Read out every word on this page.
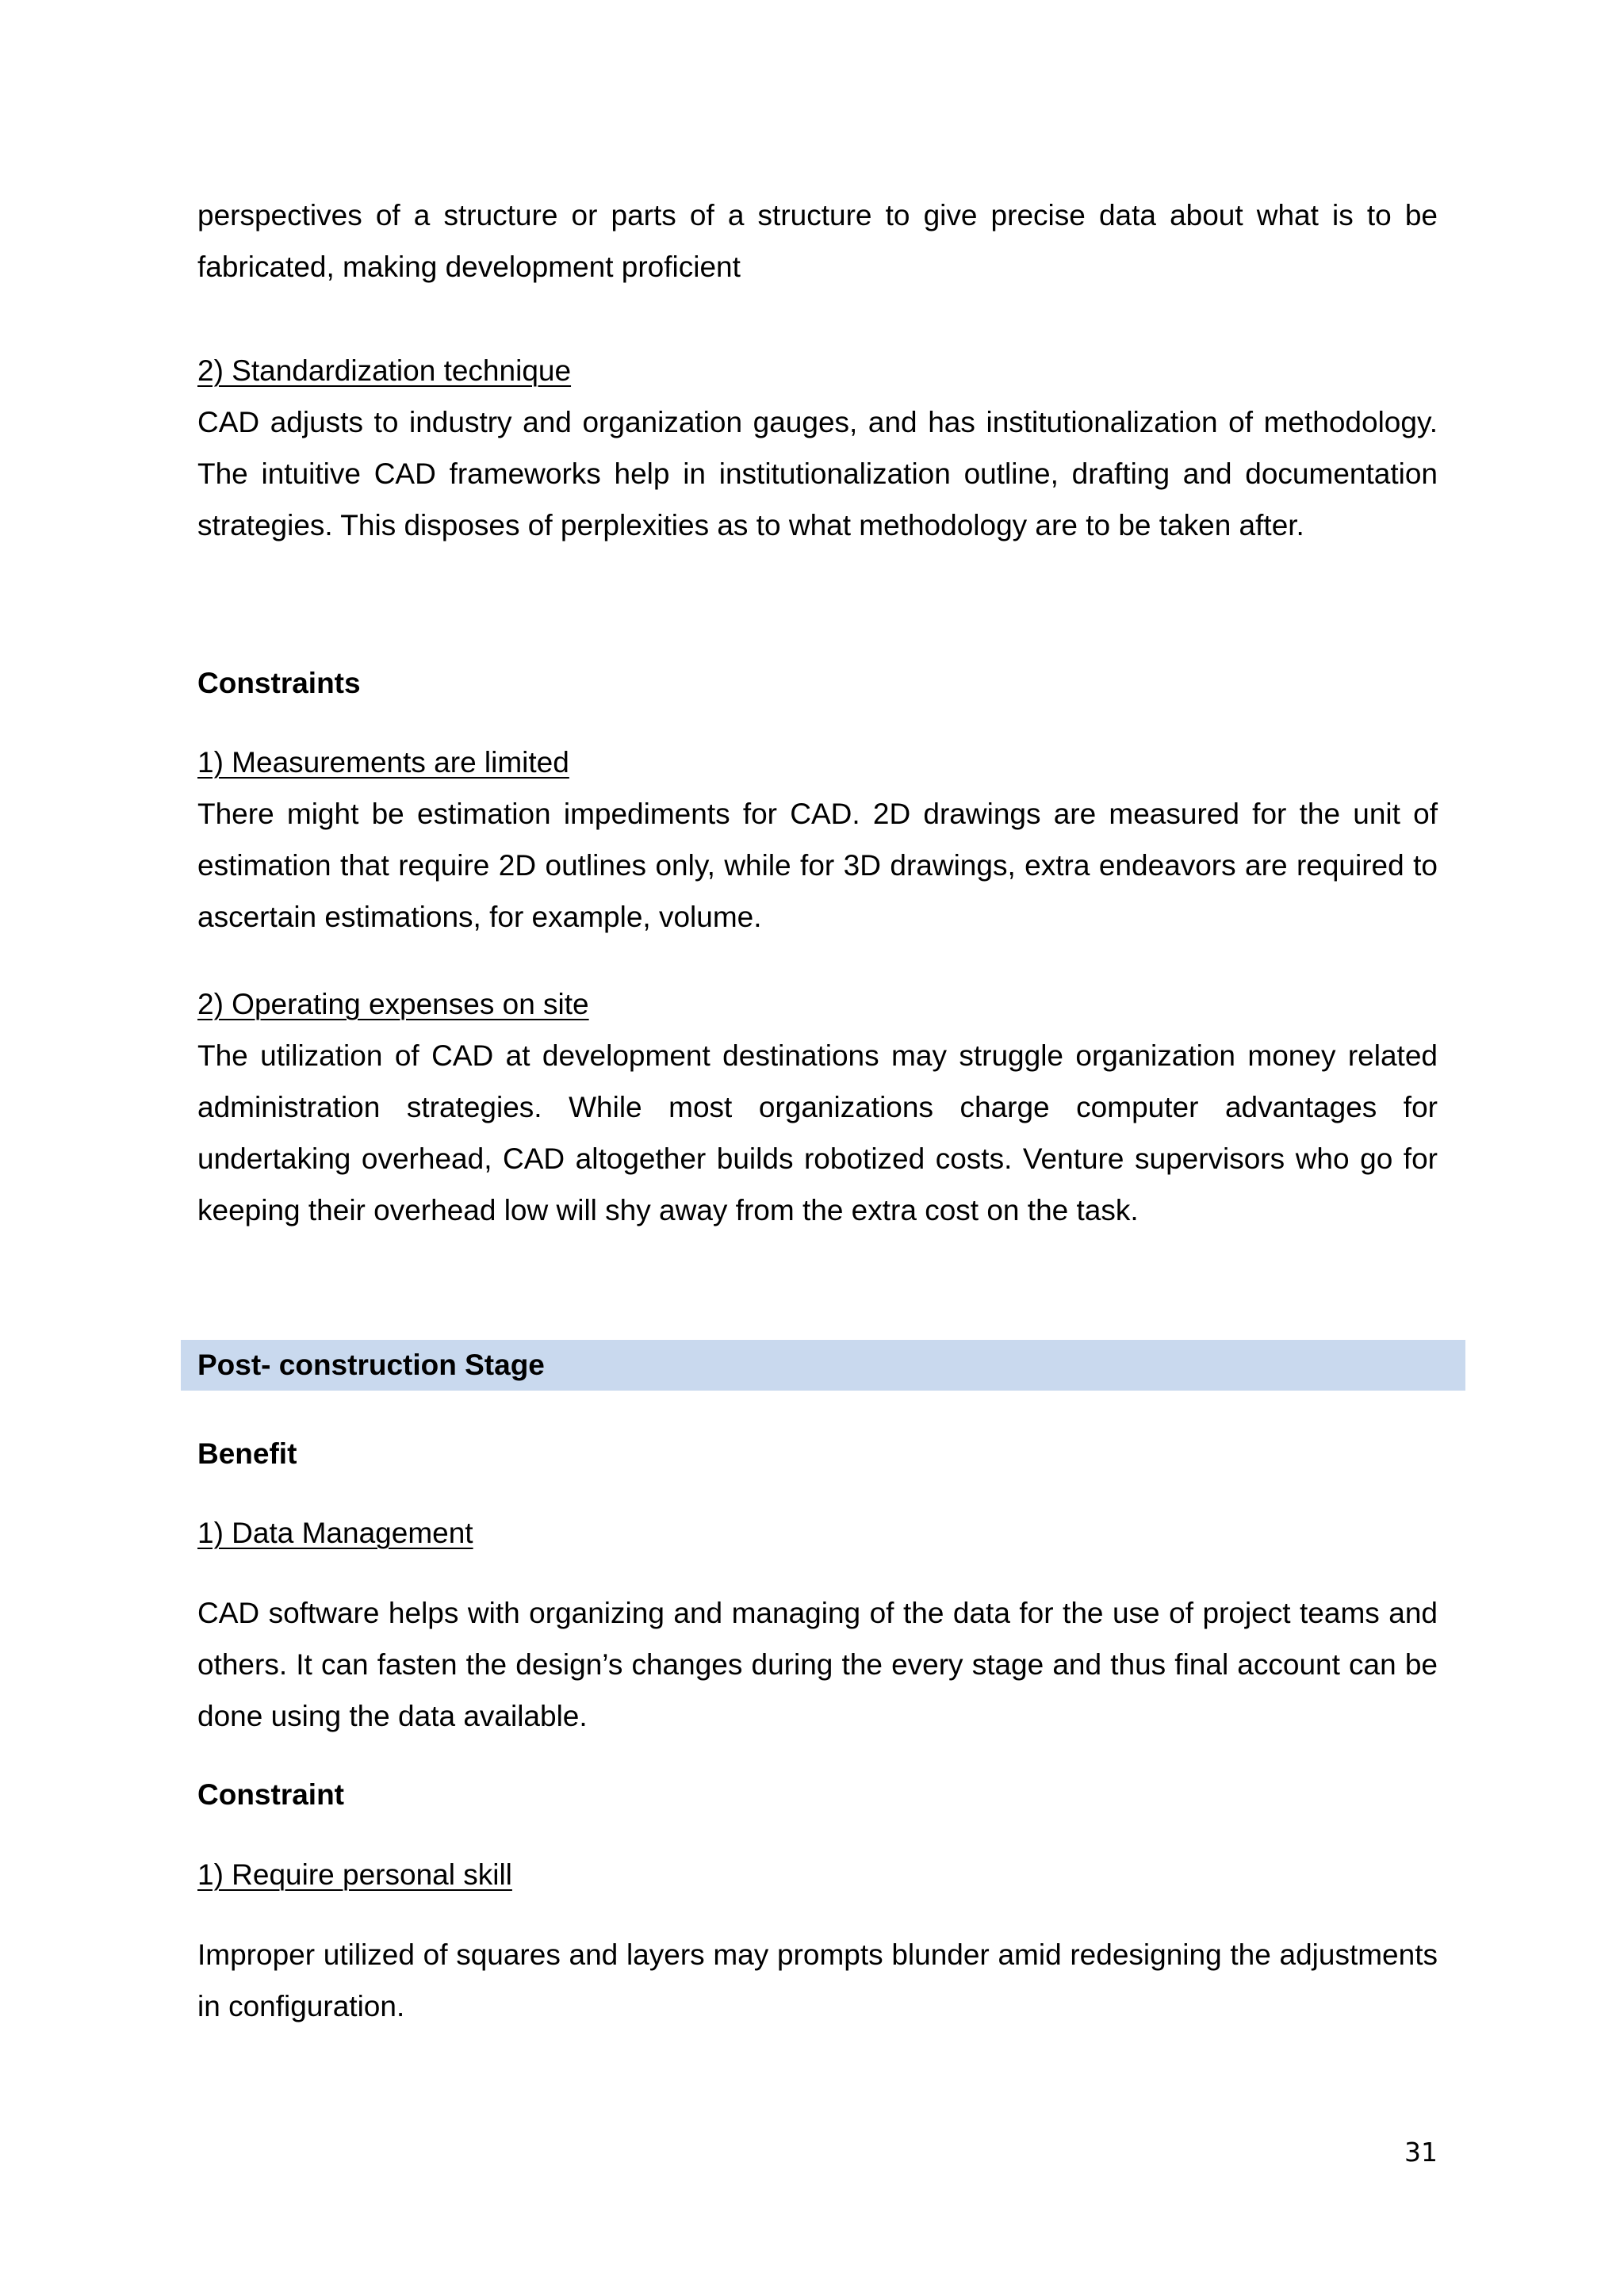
perspectives of a structure or parts of a structure to give precise data about what is to be fabricated, making development proficient

2) Standardization technique

CAD adjusts to industry and organization gauges, and has institutionalization of methodology. The intuitive CAD frameworks help in institutionalization outline, drafting and documentation strategies. This disposes of perplexities as to what methodology are to be taken after.

Constraints

1) Measurements are limited

There might be estimation impediments for CAD. 2D drawings are measured for the unit of estimation that require 2D outlines only, while for 3D drawings, extra endeavors are required to ascertain estimations, for example, volume.

2) Operating expenses on site

The utilization of CAD at development destinations may struggle organization money related administration strategies. While most organizations charge computer advantages for undertaking overhead, CAD altogether builds robotized costs. Venture supervisors who go for keeping their overhead low will shy away from the extra cost on the task.

Post- construction Stage

Benefit

1) Data Management

CAD software helps with organizing and managing of the data for the use of project teams and others. It can fasten the design’s changes during the every stage and thus final account can be done using the data available.

Constraint

1) Require personal skill

Improper utilized of squares and layers may prompts blunder amid redesigning the adjustments in configuration.

31
